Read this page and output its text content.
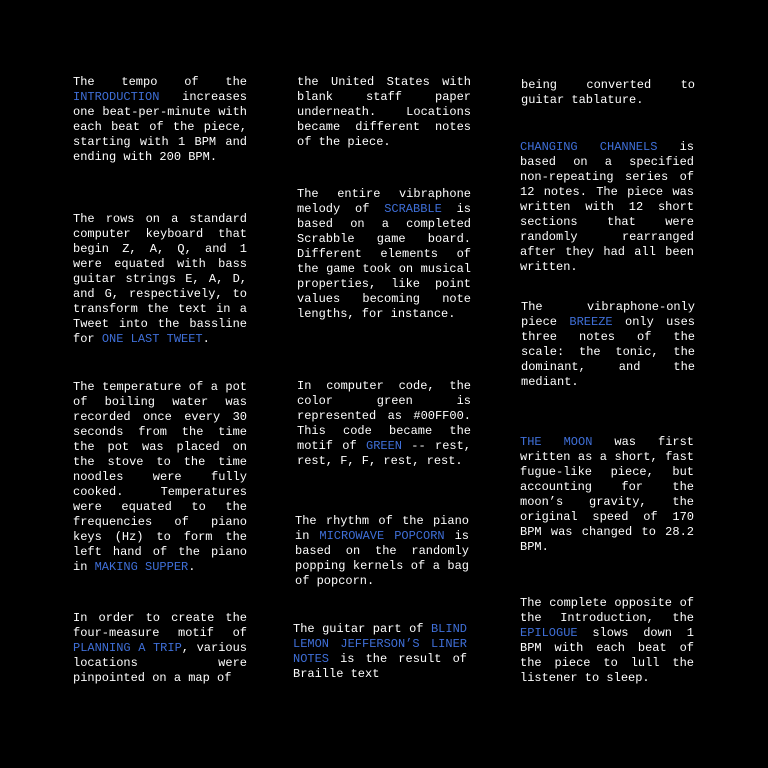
The tempo of the INTRODUCTION increases one beat-per-minute with each beat of the piece, starting with 1 BPM and ending with 200 BPM.

The rows on a standard computer keyboard that begin Z, A, Q, and 1 were equated with bass guitar strings E, A, D, and G, respectively, to transform the text in a Tweet into the bassline for ONE LAST TWEET.

The temperature of a pot of boiling water was recorded once every 30 seconds from the time the pot was placed on the stove to the time noodles were fully cooked. Temperatures were equated to the frequencies of piano keys (Hz) to form the left hand of the piano in MAKING SUPPER.

In order to create the four-measure motif of PLANNING A TRIP, various locations were pinpointed on a map of

the United States with blank staff paper underneath. Locations became different notes of the piece.

The entire vibraphone melody of SCRABBLE is based on a completed Scrabble game board. Different elements of the game took on musical properties, like point values becoming note lengths, for instance.

In computer code, the color green is represented as #00FF00. This code became the motif of GREEN -- rest, rest, F, F, rest, rest.

The rhythm of the piano in MICROWAVE POPCORN is based on the randomly popping kernels of a bag of popcorn.

The guitar part of BLIND LEMON JEFFERSON’S LINER NOTES is the result of Braille text

being converted to guitar tablature.

CHANGING CHANNELS is based on a specified non-repeating series of 12 notes. The piece was written with 12 short sections that were randomly rearranged after they had all been written.

The vibraphone-only piece BREEZE only uses three notes of the scale: the tonic, the dominant, and the mediant.

THE MOON was first written as a short, fast fugue-like piece, but accounting for the moon’s gravity, the original speed of 170 BPM was changed to 28.2 BPM.

The complete opposite of the Introduction, the EPILOGUE slows down 1 BPM with each beat of the piece to lull the listener to sleep.
